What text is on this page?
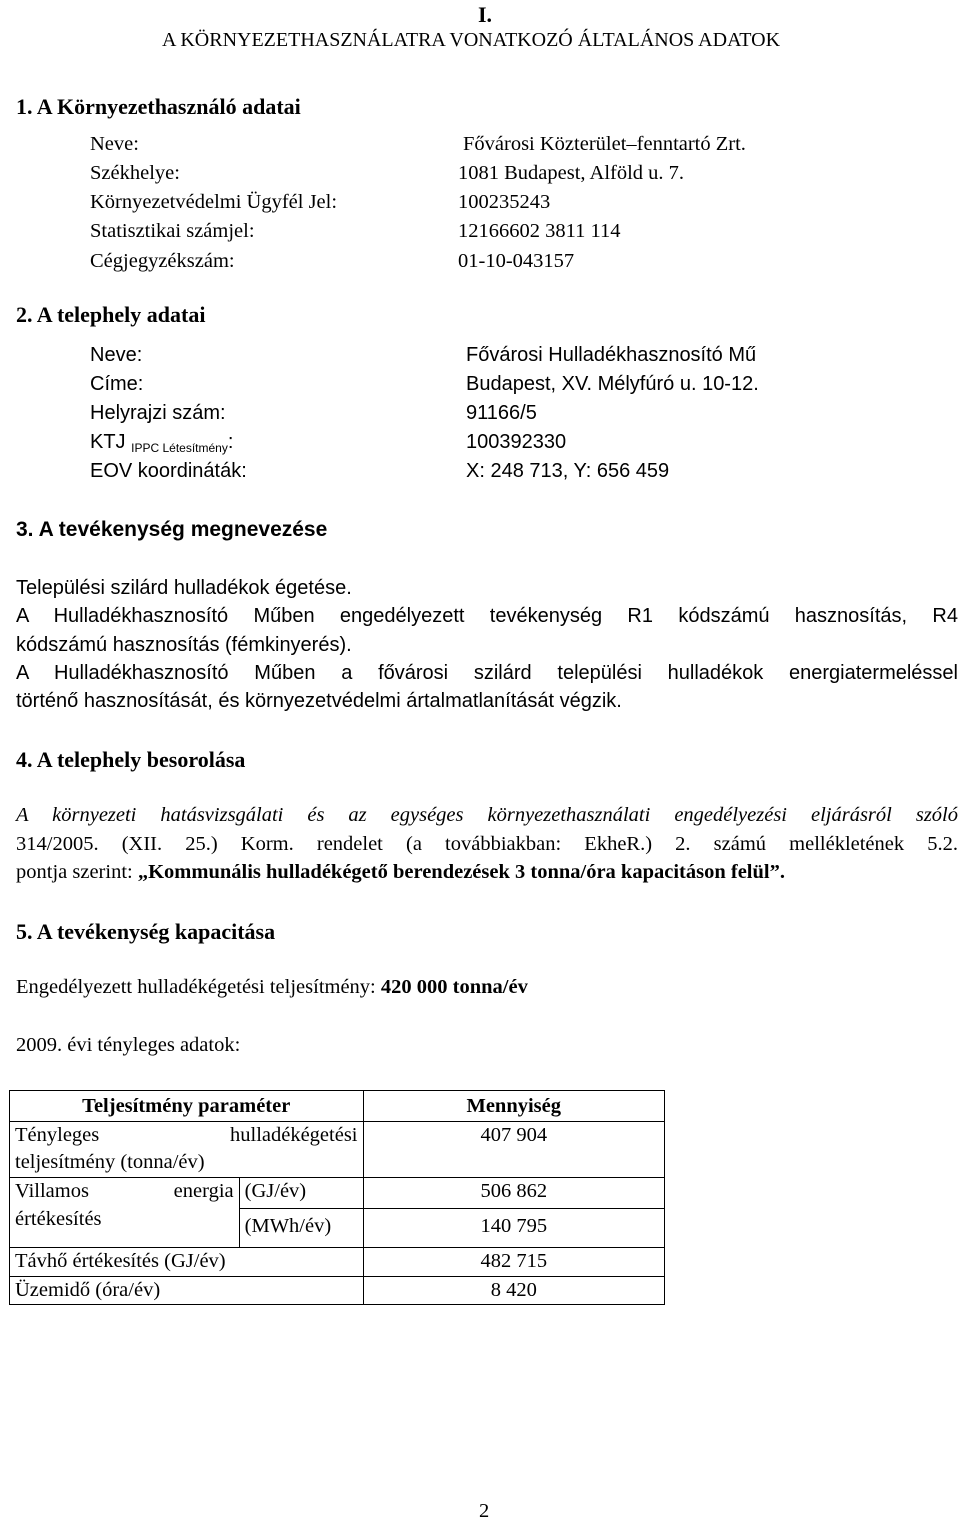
I.
A KÖRNYEZETHASZNÁLATRA VONATKOZÓ ÁLTALÁNOS ADATOK
1. A Környezethasználó adatai
Neve:	Fővárosi Közterület–fenntartó Zrt.
Székhelye:	1081 Budapest, Alföld u. 7.
Környezetvédelmi Ügyfél Jel:	100235243
Statisztikai számjel:	12166602 3811 114
Cégjegyzékszám:	01-10-043157
2. A telephely adatai
Neve:	Fővárosi Hulladékhasznosító Mű
Címe:	Budapest, XV. Mélyfúró u. 10-12.
Helyrajzi szám:	91166/5
KTJ $_{IPPC Létesítmény}$:	100392330
EOV koordináták:	X: 248 713, Y: 656 459
3. A tevékenység megnevezése
Települési szilárd hulladékok égetése.
A Hulladékhasznosító Műben engedélyezett tevékenység R1 kódszámú hasznosítás, R4
kódszámú hasznosítás (fémkinyerés).
A Hulladékhasznosító Műben a fővárosi szilárd települési hulladékok energiatermeléssel
történő hasznosítását, és környezetvédelmi ártalmatlanítását végzik.
4. A telephely besorolása
A környezeti hatásvizsgálati és az egységes környezethasználati engedélyezési eljárásról szóló
314/2005. (XII. 25.) Korm. rendelet (a továbbiakban: EkheR.) 2. számú mellékletének 5.2.
pontja szerint: „Kommunális hulladékégető berendezések 3 tonna/óra kapacitáson felül”.
5. A tevékenység kapacitása
Engedélyezett hulladékégetési teljesítmény: 420 000 tonna/év
2009. évi tényleges adatok:
Teljesítmény paraméter		Mennyiség

Tényleges hulladékégetési
teljesítmény (tonna/év)		407 904

Villamos energia
értékesítés	(GJ/év)	506 862
	(MWh/év)	140 795
Távhő értékesítés (GJ/év)		482 715
Üzemidő (óra/év)		8 420
2
